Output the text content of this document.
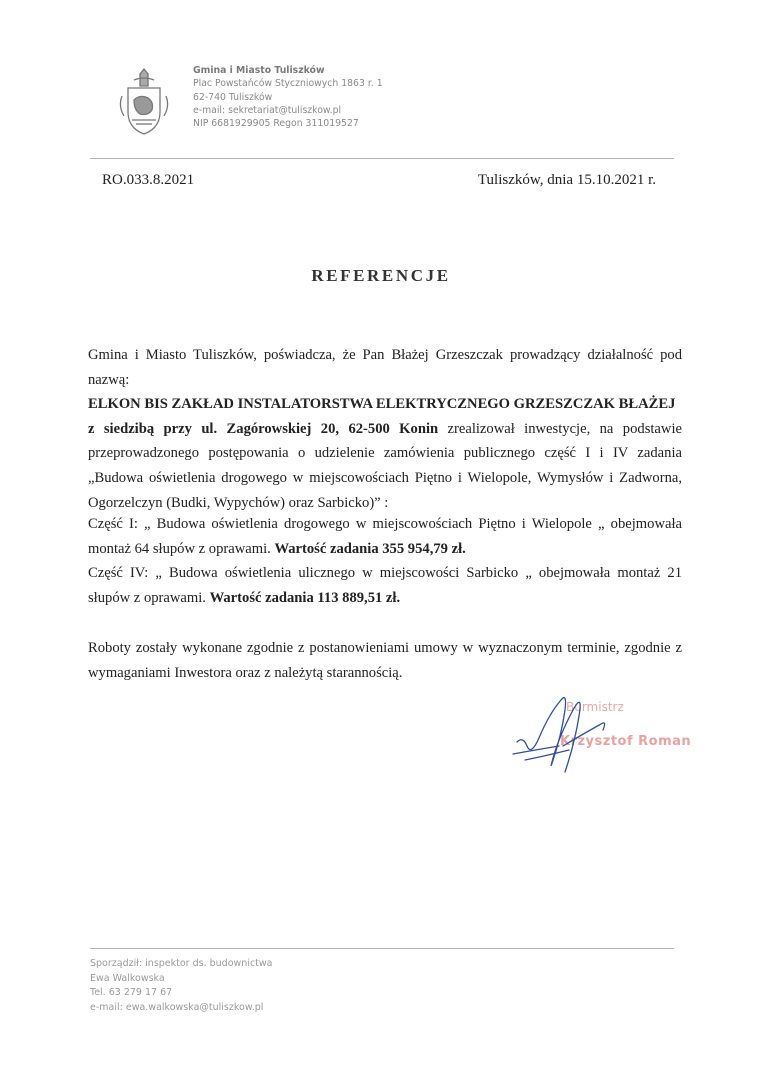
Gmina i Miasto Tuliszków
Plac Powstańców Styczniowych 1863 r. 1
62-740 Tuliszków
e-mail: sekretariat@tuliszkow.pl
NIP 6681929905 Regon 311019527
RO.033.8.2021	Tuliszków, dnia 15.10.2021 r.
REFERENCJE

Gmina i Miasto Tuliszków, poświadcza, że Pan Błażej Grzeszczak prowadzący działalność pod nazwą:

ELKON BIS ZAKŁAD INSTALATORSTWA ELEKTRYCZNEGO GRZESZCZAK BŁAŻEJ

z siedzibą przy ul. Zagórowskiej 20, 62-500 Konin zrealizował inwestycje, na podstawie przeprowadzonego postępowania o udzielenie zamówienia publicznego część I i IV zadania „Budowa oświetlenia drogowego w miejscowościach Piętno i Wielopole, Wymysłów i Zadworna, Ogorzelczyn (Budki, Wypychów) oraz Sarbicko)” :

Część I: „ Budowa oświetlenia drogowego w miejscowościach Piętno i Wielopole „ obejmowała montaż 64 słupów z oprawami. Wartość zadania 355 954,79 zł.

Część IV: „ Budowa oświetlenia ulicznego w miejscowości Sarbicko „ obejmowała montaż 21 słupów z oprawami. Wartość zadania 113 889,51 zł.

Roboty zostały wykonane zgodnie z postanowieniami umowy w wyznaczonym terminie, zgodnie z wymaganiami Inwestora oraz z należytą starannością.

Burmistrz
Krzysztof Roman
Sporządził: inspektor ds. budownictwa
Ewa Walkowska
Tel. 63 279 17 67
e-mail: ewa.walkowska@tuliszkow.pl
